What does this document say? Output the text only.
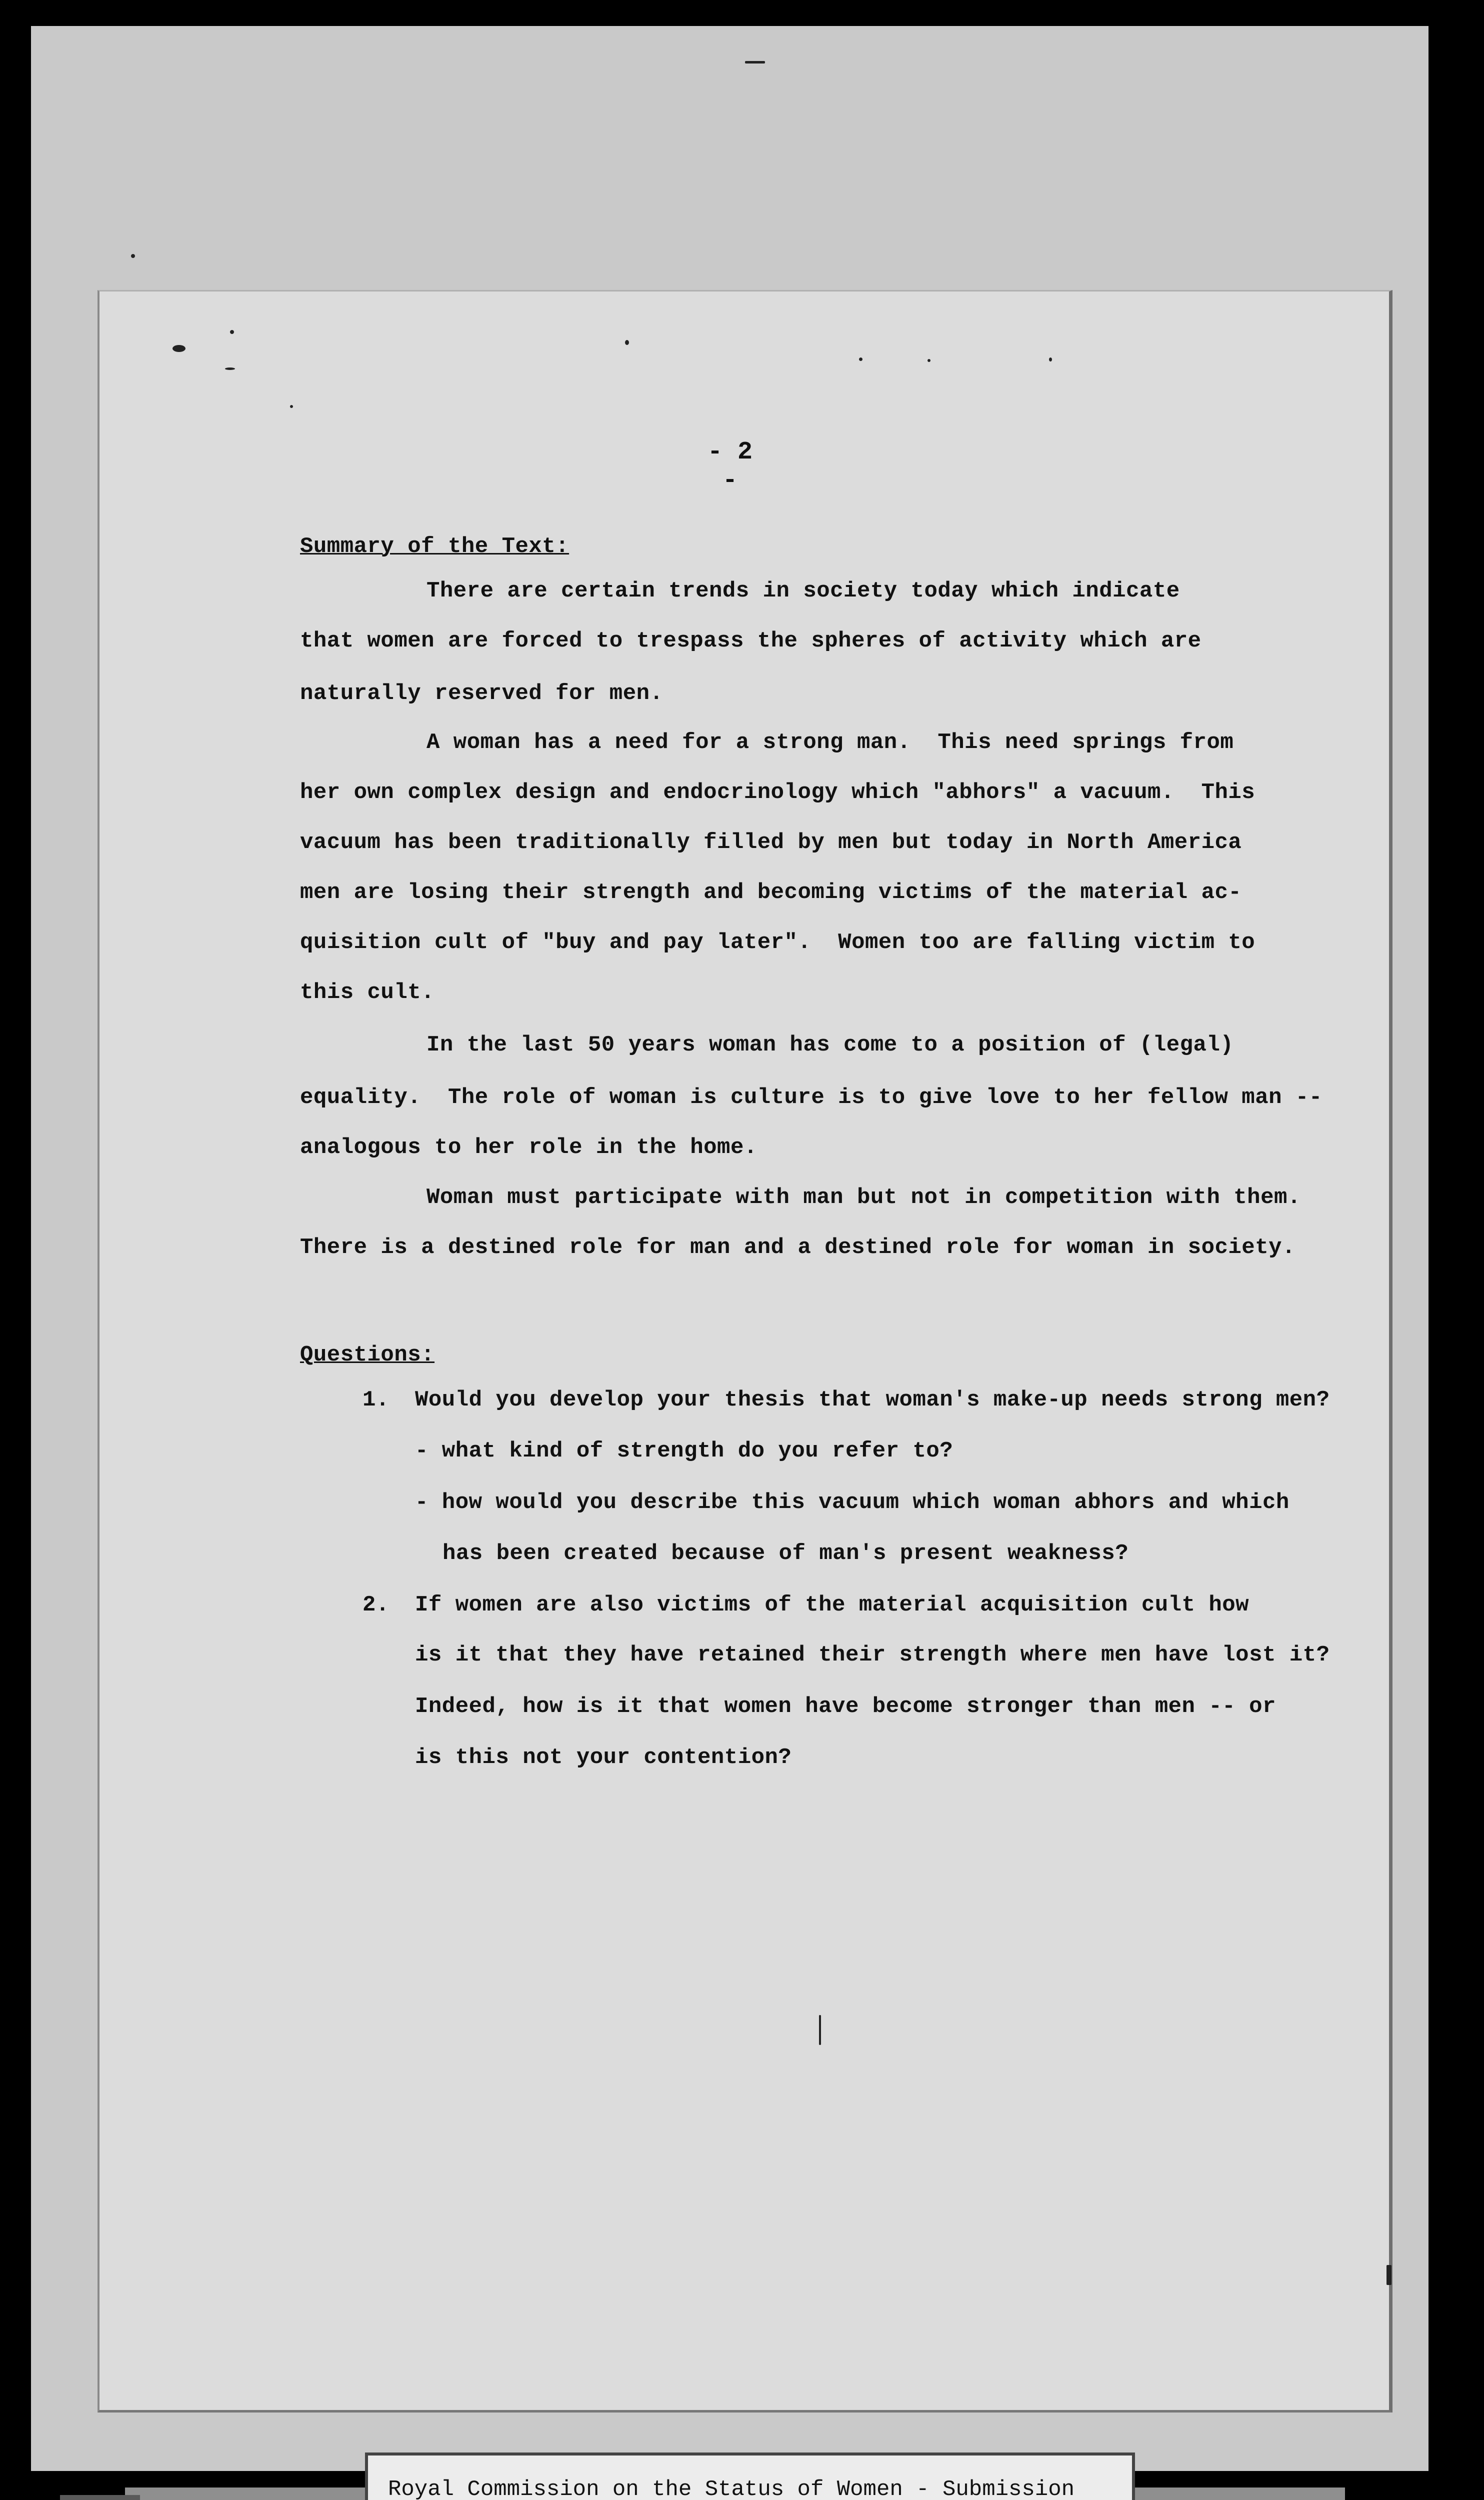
- 2 -
Summary of the Text:
There are certain trends in society today which indicate
that women are forced to trespass the spheres of activity which are
naturally reserved for men.
A woman has a need for a strong man.  This need springs from
her own complex design and endocrinology which "abhors" a vacuum.  This
vacuum has been traditionally filled by men but today in North America
men are losing their strength and becoming victims of the material ac-
quisition cult of "buy and pay later".  Women too are falling victim to
this cult.
In the last 50 years woman has come to a position of (legal)
equality.  The role of woman is culture is to give love to her fellow man --
analogous to her role in the home.
Woman must participate with man but not in competition with them.
There is a destined role for man and a destined role for woman in society.
Questions:
1. Would you develop your thesis that woman's make-up needs strong men?
- what kind of strength do you refer to?
- how would you describe this vacuum which woman abhors and which
has been created because of man's present weakness?
2. If women are also victims of the material acquisition cult how
is it that they have retained their strength where men have lost it?
Indeed, how is it that women have become stronger than men -- or
is this not your contention?
Royal Commission on the Status of Women - Submission
